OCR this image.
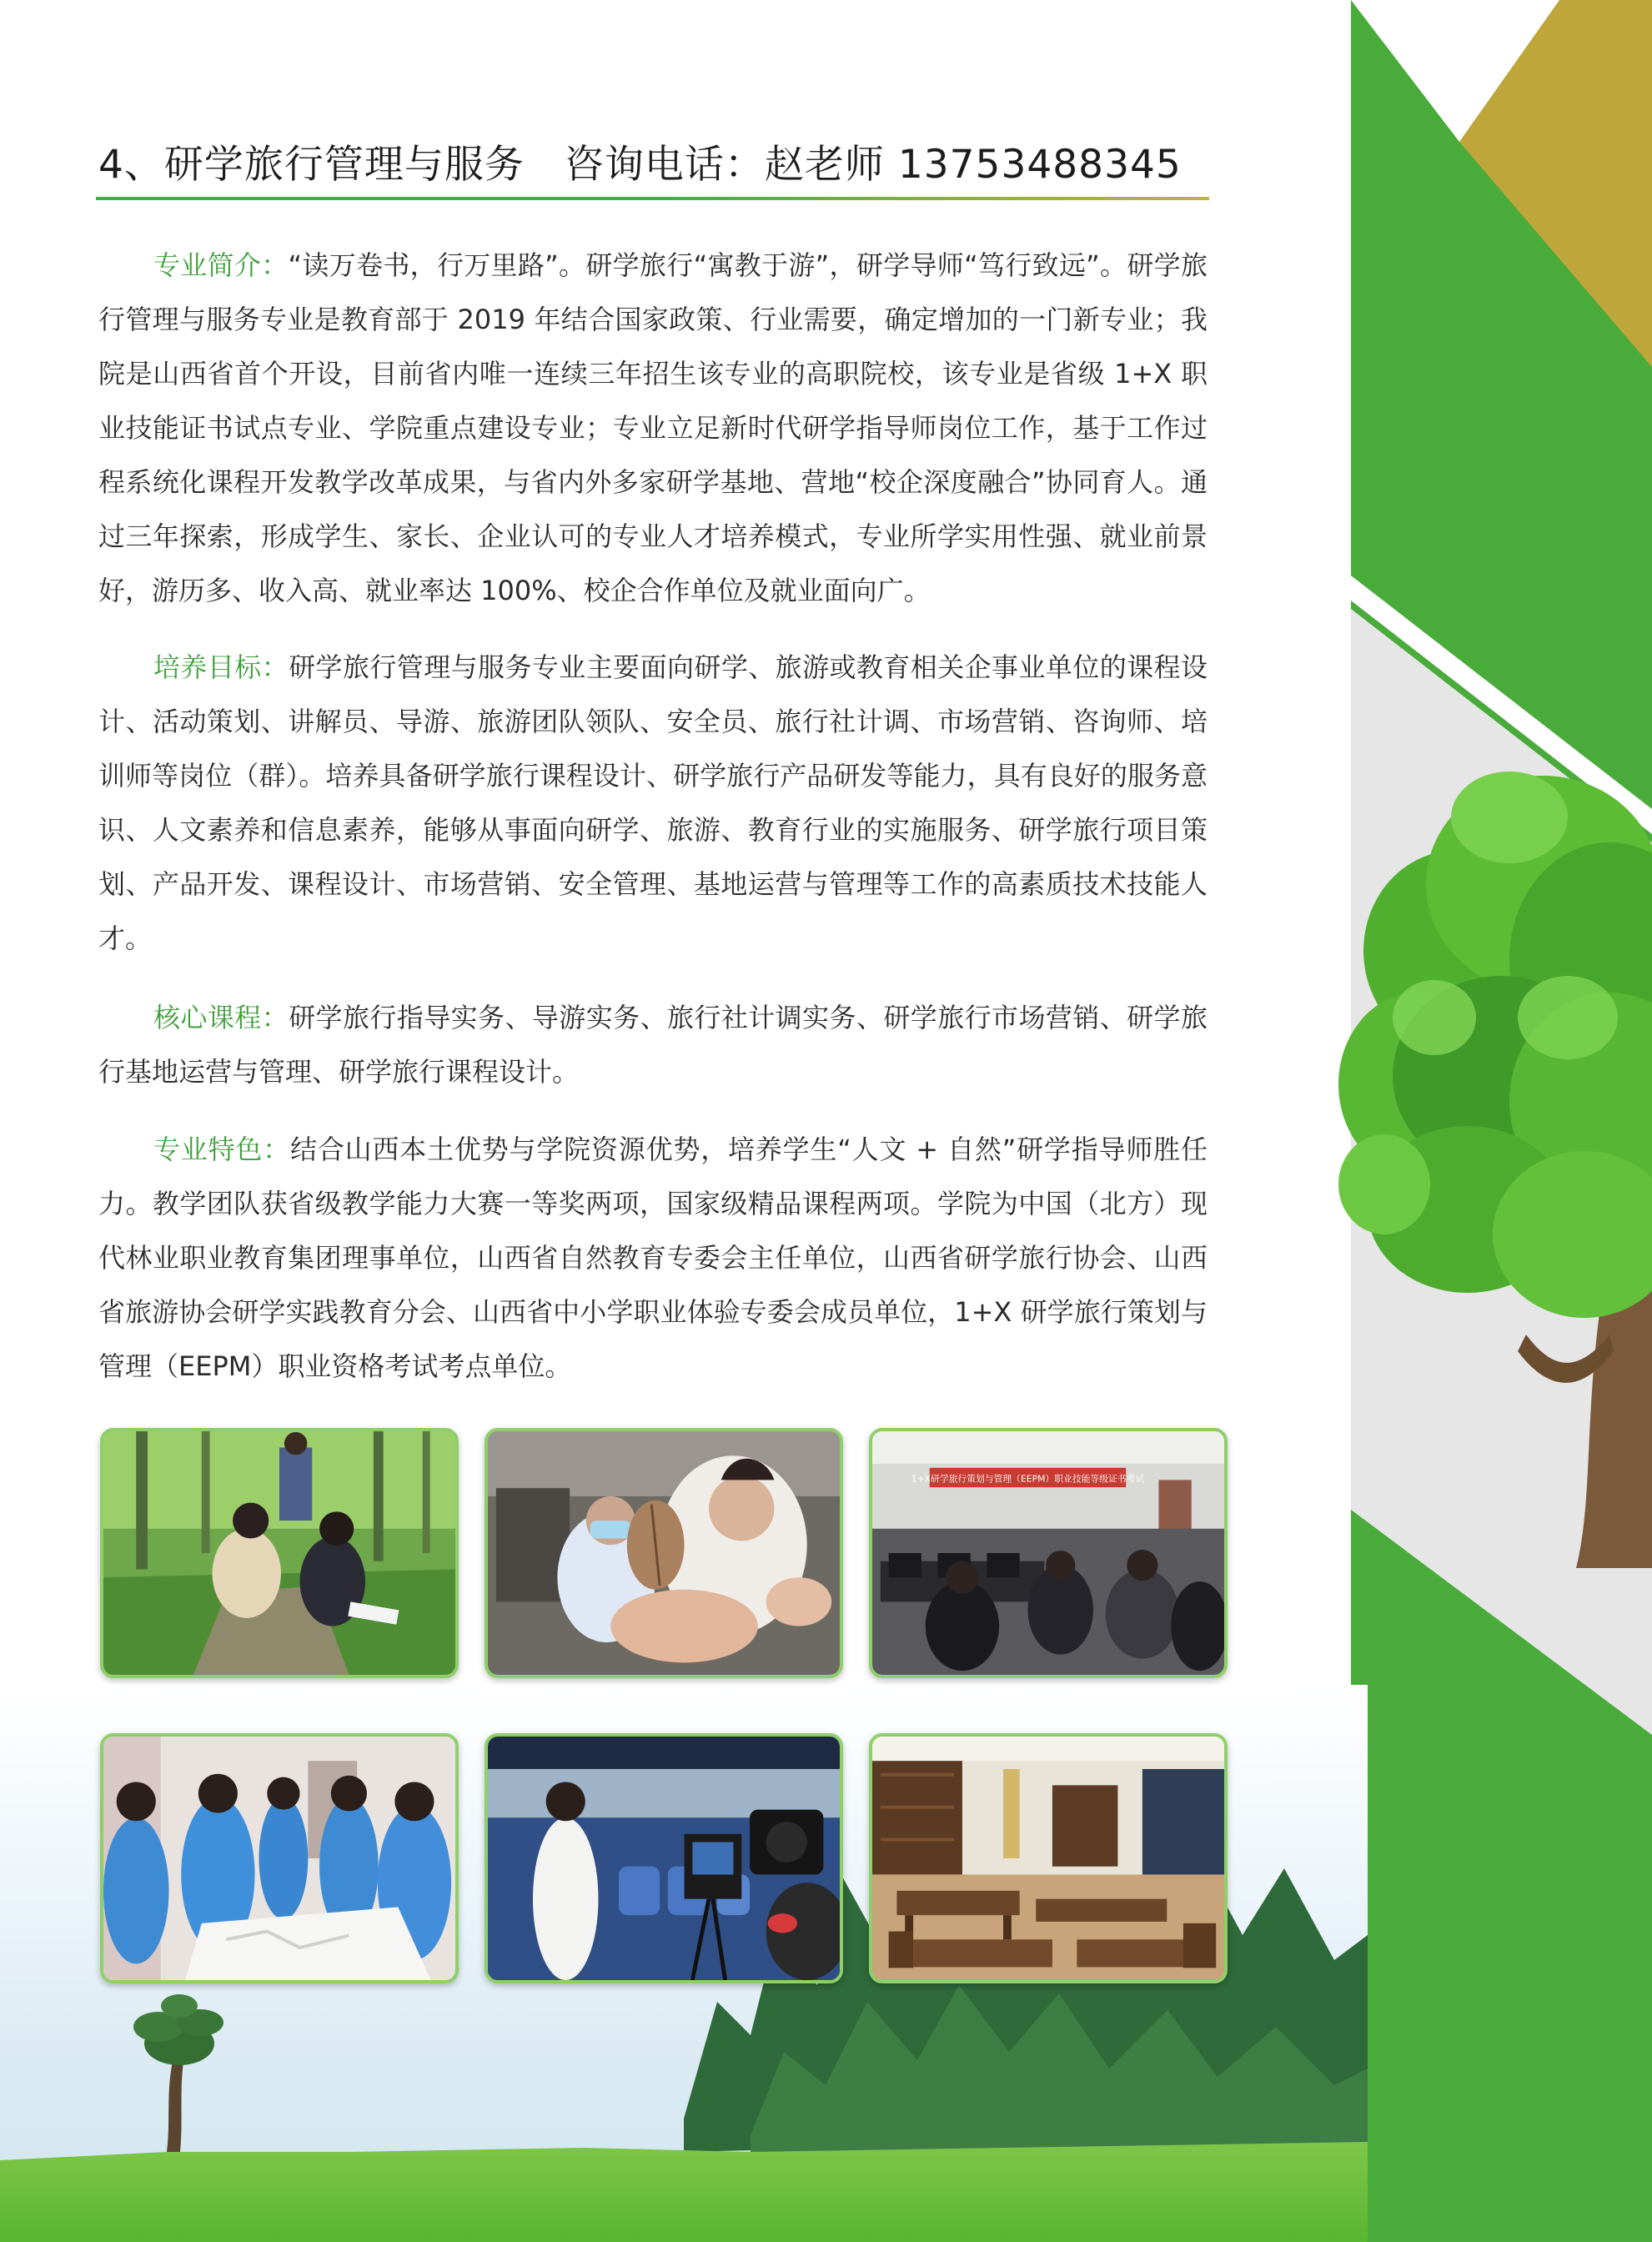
4、研学旅行管理与服务 咨询电话：赵老师 13753488345
专业简介：“读万卷书，行万里路”。研学旅行“寓教于游”，研学导师“笃行致远”。研学旅行管理与服务专业是教育部于 2019 年结合国家政策、行业需要，确定增加的一门新专业；我院是山西省首个开设，目前省内唯一连续三年招生该专业的高职院校，该专业是省级 1+X 职业技能证书试点专业、学院重点建设专业；专业立足新时代研学指导师岗位工作，基于工作过程系统化课程开发教学改革成果，与省内外多家研学基地、营地“校企深度融合”协同育人。通过三年探索，形成学生、家长、企业认可的专业人才培养模式，专业所学实用性强、就业前景好，游历多、收入高、就业率达 100%、校企合作单位及就业面向广。
培养目标：研学旅行管理与服务专业主要面向研学、旅游或教育相关企事业单位的课程设计、活动策划、讲解员、导游、旅游团队领队、安全员、旅行社计调、市场营销、咨询师、培训师等岗位（群）。培养具备研学旅行课程设计、研学旅行产品研发等能力，具有良好的服务意识、人文素养和信息素养，能够从事面向研学、旅游、教育行业的实施服务、研学旅行项目策划、产品开发、课程设计、市场营销、安全管理、基地运营与管理等工作的高素质技术技能人才。
核心课程：研学旅行指导实务、导游实务、旅行社计调实务、研学旅行市场营销、研学旅行基地运营与管理、研学旅行课程设计。
专业特色：结合山西本土优势与学院资源优势，培养学生“人文 + 自然”研学指导师胜任力。教学团队获省级教学能力大赛一等奖两项，国家级精品课程两项。学院为中国（北方）现代林业职业教育集团理事单位，山西省自然教育专委会主任单位，山西省研学旅行协会、山西省旅游协会研学实践教育分会、山西省中小学职业体验专委会成员单位，1+X 研学旅行策划与管理（EEPM）职业资格考试考点单位。
1+X研学旅行策划与管理（EEPM）职业技能等级证书考试
